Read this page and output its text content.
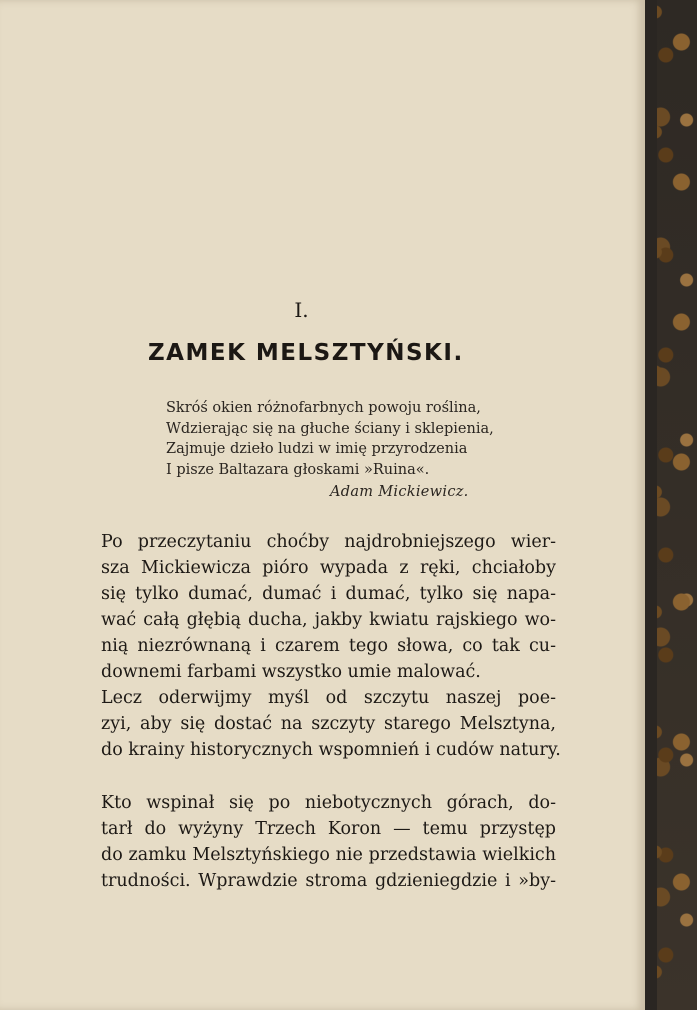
I.
ZAMEK MELSZTYŃSKI.
Skróś okien różnofarbnych powoju roślina,
Wdzierając się na głuche ściany i sklepienia,
Zajmuje dzieło ludzi w imię przyrodzenia
I pisze Baltazara głoskami »Ruina«.
Adam Mickiewicz.
Po przeczytaniu choćby najdrobniejszego wier-
sza Mickiewicza pióro wypada z ręki, chciałoby
się tylko dumać, dumać i dumać, tylko się napa-
wać całą głębią ducha, jakby kwiatu rajskiego wo-
nią niezrównaną i czarem tego słowa, co tak cu-
downemi farbami wszystko umie malować.
Lecz oderwijmy myśl od szczytu naszej poe-
zyi, aby się dostać na szczyty starego Melsztyna,
do krainy historycznych wspomnień i cudów natury.
Kto wspinał się po niebotycznych górach, do-
tarł do wyżyny Trzech Koron — temu przystęp
do zamku Melsztyńskiego nie przedstawia wielkich
trudności. Wprawdzie stroma gdzieniegdzie i »by-
